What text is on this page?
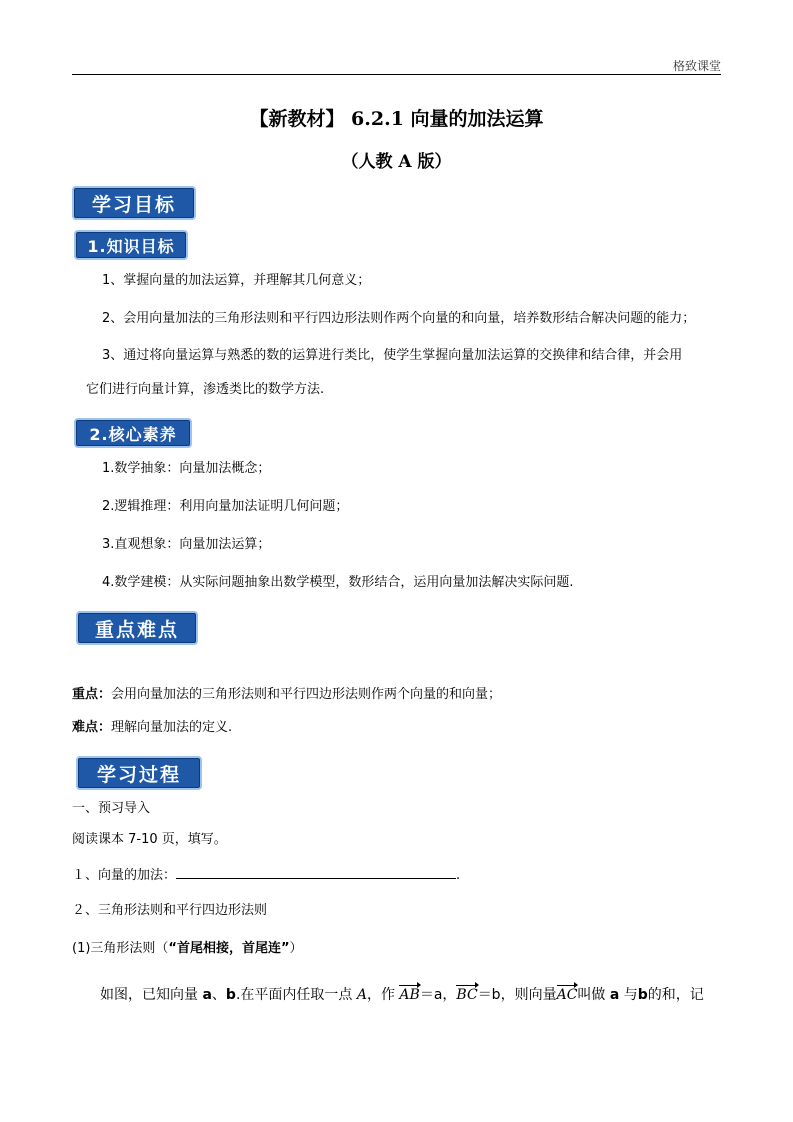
格致课堂
【新教材】 6.2.1 向量的加法运算
（人教 A 版）
学习目标
1.知识目标
1、掌握向量的加法运算，并理解其几何意义；
2、会用向量加法的三角形法则和平行四边形法则作两个向量的和向量，培养数形结合解决问题的能力；
3、通过将向量运算与熟悉的数的运算进行类比，使学生掌握向量加法运算的交换律和结合律，并会用
它们进行向量计算，渗透类比的数学方法.
2.核心素养
1.数学抽象：向量加法概念；
2.逻辑推理：利用向量加法证明几何问题；
3.直观想象：向量加法运算；
4.数学建模：从实际问题抽象出数学模型，数形结合，运用向量加法解决实际问题.
重点难点
重点：会用向量加法的三角形法则和平行四边形法则作两个向量的和向量；
难点：理解向量加法的定义.
学习过程
一、预习导入
阅读课本 7-10 页，填写。
１、向量的加法：	.
２、三角形法则和平行四边形法则
(1)三角形法则（“首尾相接，首尾连”）
如图，已知向量 a、b.在平面内任取一点 A，作 AB＝a，BC＝b，则向量AC叫做 a 与b的和，记
